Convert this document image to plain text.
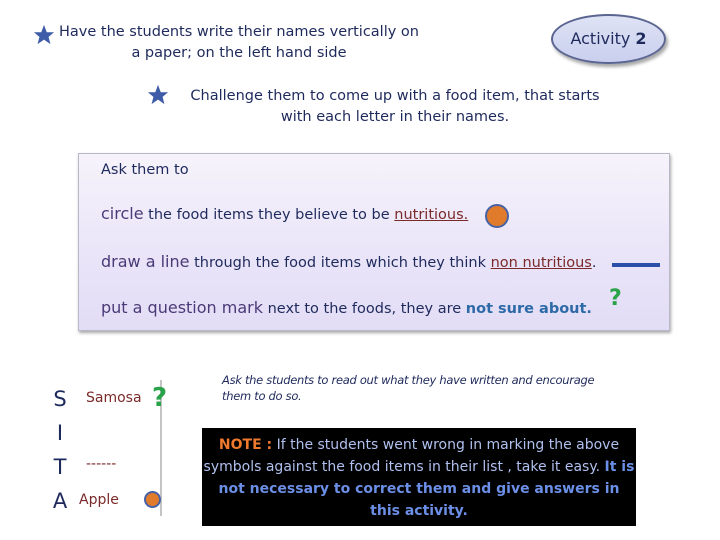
Have the students write their names vertically on a paper; on the left hand side
Activity 2
Challenge them to come up with a food item, that starts with each letter in their names.
Ask them to
circle the food items they believe to be nutritious.
draw a line through the food items which they think non nutritious.
put a question mark next to the foods, they are not sure about. ?
S
I
T
A
Samosa
------
Apple
?
Ask the students to read out what they have written and encourage them to do so.
NOTE : If the students went wrong in marking the above symbols against the food items in their list , take it easy. It is not necessary to correct them and give answers in this activity.
